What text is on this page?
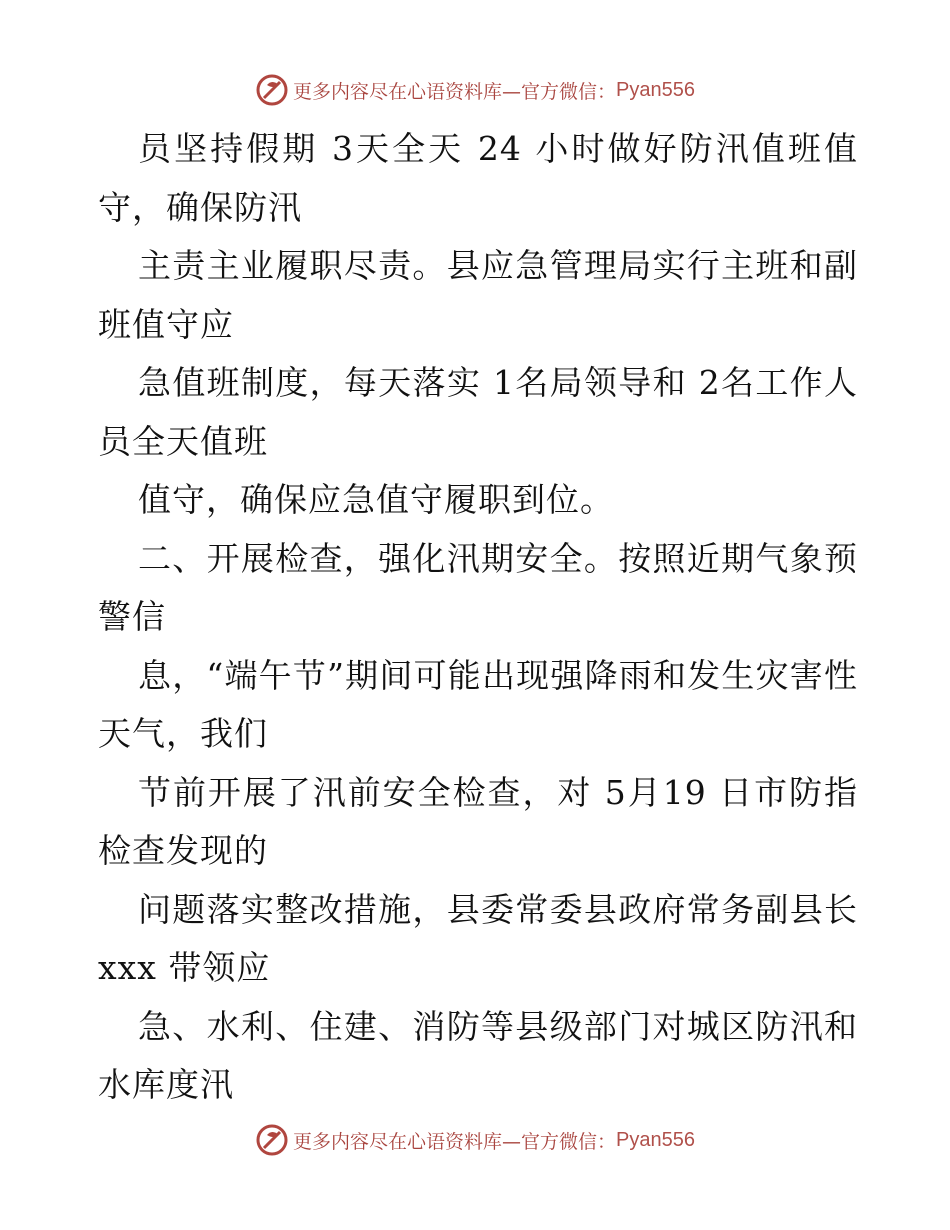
更多内容尽在心语资料库—官方微信： Pyan556

员坚持假期 3天全天 24 小时做好防汛值班值守，确保防汛

主责主业履职尽责。县应急管理局实行主班和副班值守应

急值班制度，每天落实 1名局领导和 2名工作人员全天值班

值守，确保应急值守履职到位。

二、开展检查，强化汛期安全。按照近期气象预警信

息，“端午节”期间可能出现强降雨和发生灾害性天气，我们

节前开展了汛前安全检查，对 5月19 日市防指检查发现的

问题落实整改措施，县委常委县政府常务副县长 xxx 带领应

急、水利、住建、消防等县级部门对城区防汛和水库度汛

更多内容尽在心语资料库—官方微信： Pyan556
